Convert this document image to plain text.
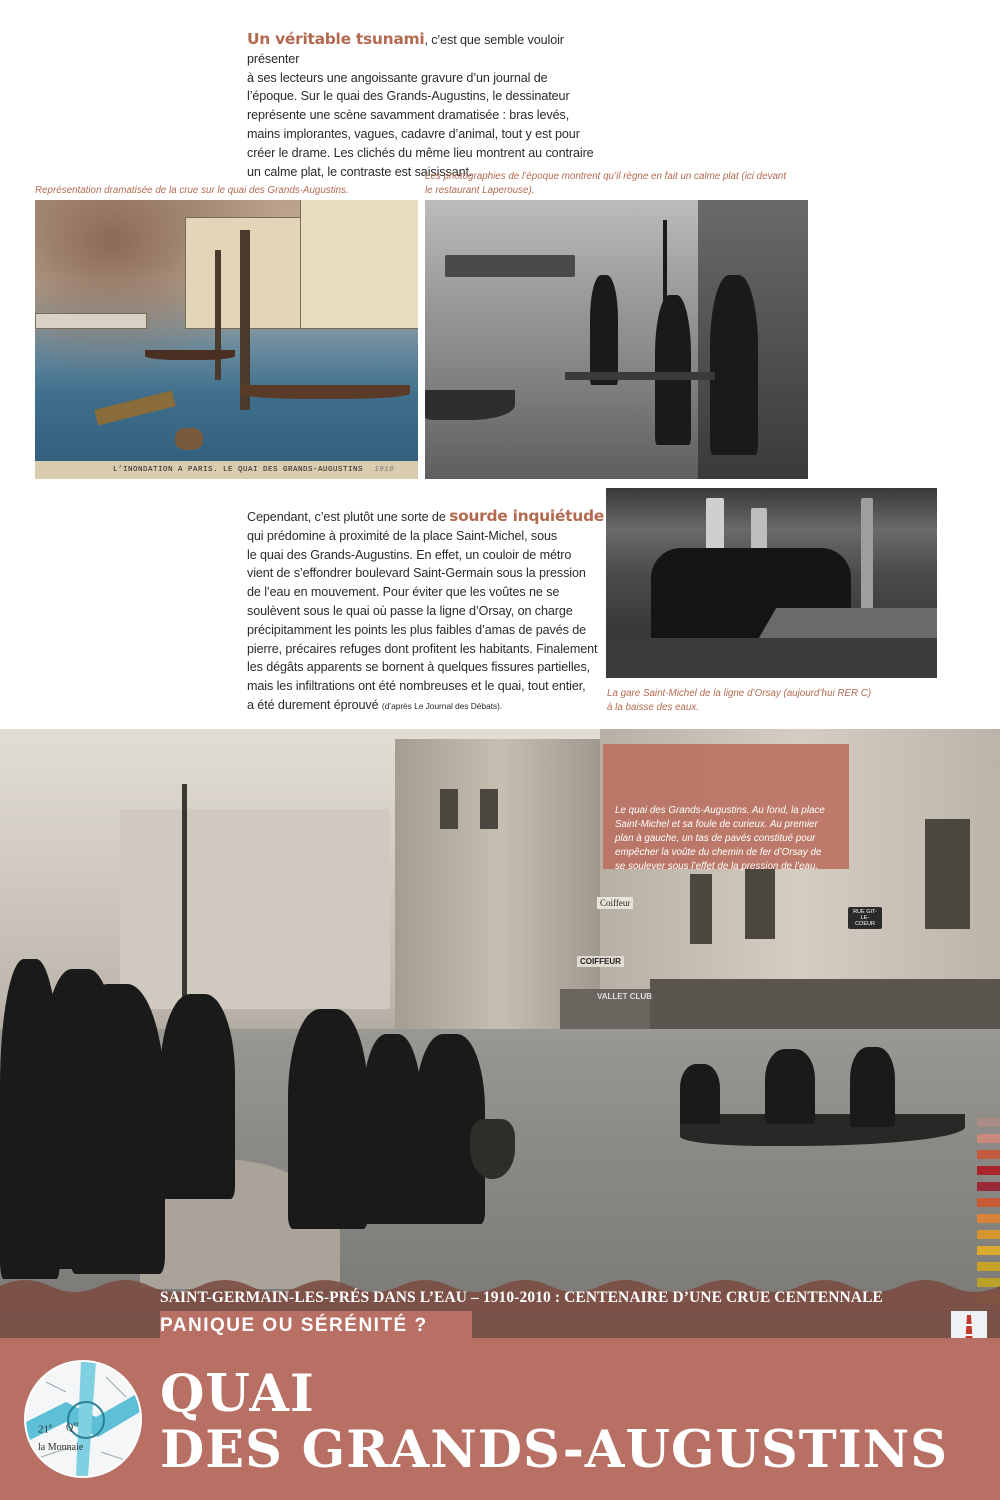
Un véritable tsunami, c’est que semble vouloir présenter
à ses lecteurs une angoissante gravure d’un journal de
l’époque. Sur le quai des Grands-Augustins, le dessinateur
représente une scène savamment dramatisée : bras levés,
mains implorantes, vagues, cadavre d’animal, tout y est pour
créer le drame. Les clichés du même lieu montrent au contraire
un calme plat, le contraste est saisissant.
Représentation dramatisée de la crue sur le quai des Grands-Augustins.
Les photographies de l’époque montrent qu’il règne en fait un calme plat (ici devant
le restaurant Laperouse).
L’INONDATION A PARIS. LE QUAI DES GRANDS-AUGUSTINS 1910
Cependant, c’est plutôt une sorte de sourde inquiétude
qui prédomine à proximité de la place Saint-Michel, sous
le quai des Grands-Augustins. En effet, un couloir de métro
vient de s’effondrer boulevard Saint-Germain sous la pression
de l’eau en mouvement. Pour éviter que les voûtes ne se
soulèvent sous le quai où passe la ligne d’Orsay, on charge
précipitamment les points les plus faibles d’amas de pavés de
pierre, précaires refuges dont profitent les habitants. Finalement
les dégâts apparents se bornent à quelques fissures partielles,
mais les infiltrations ont été nombreuses et le quai, tout entier,
a été durement éprouvé (d’après Le Journal des Débats).
La gare Saint-Michel de la ligne d’Orsay (aujourd’hui RER C)
à la baisse des eaux.
Le quai des Grands-Augustins. Au fond, la place
Saint-Michel et sa foule de curieux. Au premier
plan à gauche, un tas de pavés constitué pour
empêcher la voûte du chemin de fer d’Orsay de
se soulever sous l’effet de la pression de l’eau.
Coiffeur
COIFFEUR
VALLET CLUB
RUE GIT-LE-COEUR
SAINT-GERMAIN-LES-PRÉS DANS L’EAU – 1910-2010 : CENTENAIRE D’UNE CRUE CENTENNALE
PANIQUE OU SÉRÉNITÉ ?
21e $Q^{er}$
la Monnaie
QUAI
DES GRANDS-AUGUSTINS
